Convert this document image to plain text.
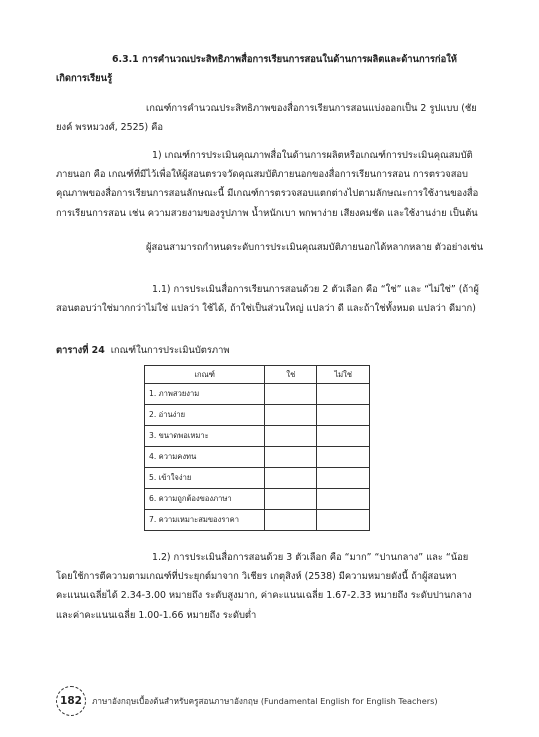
6.3.1 การคำนวณประสิทธิภาพสื่อการเรียนการสอนในด้านการผลิตและด้านการก่อให้
เกิดการเรียนรู้

เกณฑ์การคำนวณประสิทธิภาพของสื่อการเรียนการสอนแบ่งออกเป็น 2 รูปแบบ (ชัยยงค์ พรหมวงศ์, 2525) คือ

1) เกณฑ์การประเมินคุณภาพสื่อในด้านการผลิตหรือเกณฑ์การประเมินคุณสมบัติภายนอก คือ เกณฑ์ที่มีไว้เพื่อให้ผู้สอนตรวจวัดคุณสมบัติภายนอกของสื่อการเรียนการสอน การตรวจสอบคุณภาพของสื่อการเรียนการสอนลักษณะนี้ มีเกณฑ์การตรวจสอบแตกต่างไปตามลักษณะการใช้งานของสื่อการเรียนการสอน เช่น ความสวยงามของรูปภาพ น้ำหนักเบา พกพาง่าย เสียงคมชัด และใช้งานง่าย เป็นต้น

ผู้สอนสามารถกำหนดระดับการประเมินคุณสมบัติภายนอกได้หลากหลาย ตัวอย่างเช่น

1.1) การประเมินสื่อการเรียนการสอนด้วย 2 ตัวเลือก คือ “ใช่” และ “ไม่ใช่” (ถ้าผู้สอนตอบว่าใช่มากกว่าไม่ใช่ แปลว่า ใช้ได้, ถ้าใช่เป็นส่วนใหญ่ แปลว่า ดี และถ้าใช่ทั้งหมด แปลว่า ดีมาก)

ตารางที่ 24 เกณฑ์ในการประเมินบัตรภาพ
เกณฑ์	ใช่	ไม่ใช่
1. ภาพสวยงาม		
2. อ่านง่าย		
3. ขนาดพอเหมาะ		
4. ความคงทน		
5. เข้าใจง่าย		
6. ความถูกต้องของภาษา		
7. ความเหมาะสมของราคา		

1.2) การประเมินสื่อการสอนด้วย 3 ตัวเลือก คือ “มาก” “ปานกลาง” และ “น้อย โดยใช้การตีความตามเกณฑ์ที่ประยุกต์มาจาก วิเชียร เกตุสิงห์ (2538) มีความหมายดังนี้ ถ้าผู้สอนหาคะแนนเฉลี่ยได้ 2.34-3.00 หมายถึง ระดับสูงมาก, ค่าคะแนนเฉลี่ย 1.67-2.33 หมายถึง ระดับปานกลาง และค่าคะแนนเฉลี่ย 1.00-1.66 หมายถึง ระดับต่ำ

182	ภาษาอังกฤษเบื้องต้นสำหรับครูสอนภาษาอังกฤษ (Fundamental English for English Teachers)
